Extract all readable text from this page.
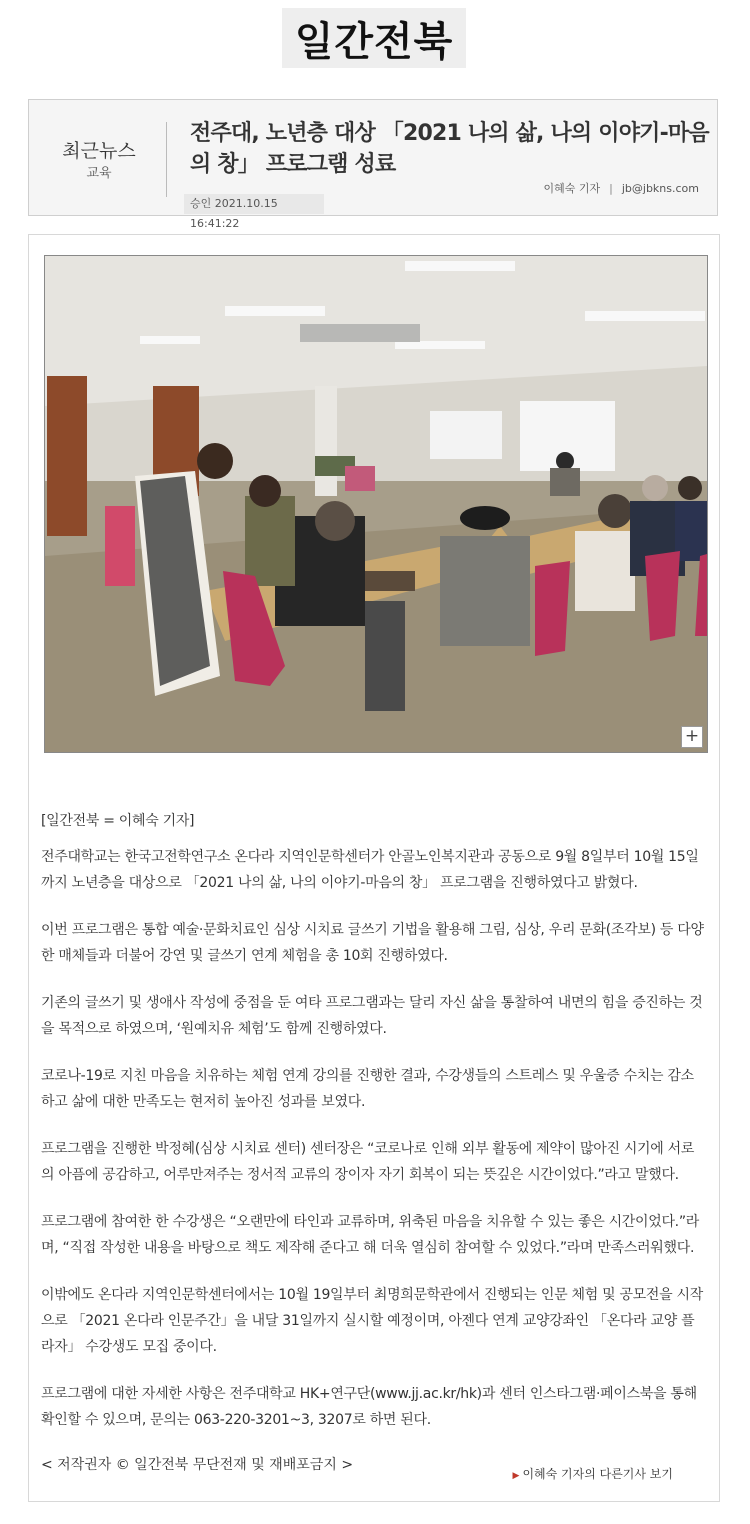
일간전북
최근뉴스
교육
전주대, 노년층 대상 「2021 나의 삶, 나의 이야기-마음의 창」 프로그램 성료
이혜숙 기자 | jb@jbkns.com
승인 2021.10.15 16:41:22
+

[일간전북 = 이혜숙 기자]

전주대학교는 한국고전학연구소 온다라 지역인문학센터가 안골노인복지관과 공동으로 9월 8일부터 10월 15일까지 노년층을 대상으로 「2021 나의 삶, 나의 이야기-마음의 창」 프로그램을 진행하였다고 밝혔다.

이번 프로그램은 통합 예술·문화치료인 심상 시치료 글쓰기 기법을 활용해 그림, 심상, 우리 문화(조각보) 등 다양한 매체들과 더불어 강연 및 글쓰기 연계 체험을 총 10회 진행하였다.

기존의 글쓰기 및 생애사 작성에 중점을 둔 여타 프로그램과는 달리 자신 삶을 통찰하여 내면의 힘을 증진하는 것을 목적으로 하였으며, ‘원예치유 체험’도 함께 진행하였다.

코로나-19로 지친 마음을 치유하는 체험 연계 강의를 진행한 결과, 수강생들의 스트레스 및 우울증 수치는 감소하고 삶에 대한 만족도는 현저히 높아진 성과를 보였다.

프로그램을 진행한 박정혜(심상 시치료 센터) 센터장은 “코로나로 인해 외부 활동에 제약이 많아진 시기에 서로의 아픔에 공감하고, 어루만져주는 정서적 교류의 장이자 자기 회복이 되는 뜻깊은 시간이었다.”라고 말했다.

프로그램에 참여한 한 수강생은 “오랜만에 타인과 교류하며, 위축된 마음을 치유할 수 있는 좋은 시간이었다.”라며, “직접 작성한 내용을 바탕으로 책도 제작해 준다고 해 더욱 열심히 참여할 수 있었다.”라며 만족스러워했다.

이밖에도 온다라 지역인문학센터에서는 10월 19일부터 최명희문학관에서 진행되는 인문 체험 및 공모전을 시작으로 「2021 온다라 인문주간」을 내달 31일까지 실시할 예정이며, 아젠다 연계 교양강좌인 「온다라 교양 플라자」 수강생도 모집 중이다.

프로그램에 대한 자세한 사항은 전주대학교 HK+연구단(www.jj.ac.kr/hk)과 센터 인스타그램·페이스북을 통해 확인할 수 있으며, 문의는 063-220-3201~3, 3207로 하면 된다.

< 저작권자 © 일간전북 무단전재 및 재배포금지 >
▶ 이혜숙 기자의 다른기사 보기
